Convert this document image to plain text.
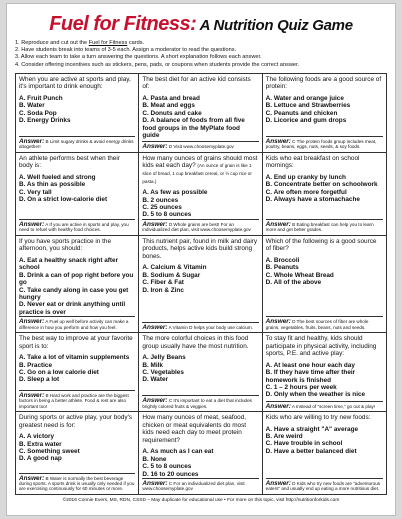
Fuel for Fitness: A Nutrition Quiz Game
1. Reproduce and cut out the Fuel for Fitness cards.
2. Have students break into teams of 3-5 each. Assign a moderator to read the questions.
3. Allow each team to take a turn answering the questions. A short explanation follows each answer.
4. Consider offering incentives such as stickers, pens, pads, or coupons when students provide the correct answer.
When you are active at sports and play, it's important to drink enough:
A. Fruit Punch
B. Water
C. Soda Pop
D. Energy Drinks
Answer: B Limit sugary drinks & avoid energy drinks altogether!
The best diet for an active kid consists of:
A. Pasta and bread
B. Meat and eggs
C. Donuts and cake
D. A balance of foods from all five food groups in the MyPlate food guide
Answer: D Visit www.choosemyplate.gov
The following foods are a good source of protein:
A. Water and orange juice
B. Lettuce and Strawberries
C. Peanuts and chicken
D. Licorice and gum drops
Answer: C The protein foods group includes meat, poultry, beans, eggs, nuts, seeds, & soy foods.
An athlete performs best when their body is:
A. Well fueled and strong
B. As thin as possible
C. Very tall
D. On a strict low-calorie diet
Answer: A If you are active in sports and play, you need to refuel with healthy food choices.
How many ounces of grains should most kids eat each day? (An ounce of grain is like 1 slice of bread, 1 cup breakfast cereal, or ½ cup rice or pasta.)
A. As few as possible
B. 2 ounces
C. 25 ounces
D. 5 to 8 ounces
Answer: D Whole grains are best! For an individualized diet plan, visit www.choosemyplate.gov
Kids who eat breakfast on school mornings:
A. End up cranky by lunch
B. Concentrate better on schoolwork
C. Are often more forgetful
D. Always have a stomachache
Answer: B Eating breakfast can help you to learn more and get better grades.
If you have sports practice in the afternoon, you should:
A. Eat a healthy snack right after school
B. Drink a can of pop right before you go
C. Take candy along in case you get hungry
D. Never eat or drink anything until practice is over
Answer: A Fuel up well before activity can make a difference in how you perform and how you feel.
This nutrient pair, found in milk and dairy products, helps active kids build strong bones.
A. Calcium & Vitamin
B. Sodium & Sugar
C. Fiber & Fat
D. Iron & Zinc
Answer: A Vitamin D helps your body use calcium.
Which of the following is a good source of fiber?
A. Broccoli
B. Peanuts
C. Whole Wheat Bread
D. All of the above
Answer: D The best sources of fiber are whole grains, vegetables, fruits, beans, nuts and seeds.
The best way to improve at your favorite sport is to:
A. Take a lot of vitamin supplements
B. Practice
C. Go on a low calorie diet
D. Sleep a lot
Answer: B Hard work and practice are the biggest factors in being a better athlete. Food & rest are also important too!
The more colorful choices in this food group usually have the most nutrition.
A. Jelly Beans
B. Milk
C. Vegetables
D. Water
Answer: C It's important to eat a diet that includes brightly colored fruits & veggies.
To stay fit and healthy, kids should participate in physical activity, including sports, P.E. and active play:
A. At least one hour each day
B. If they have time after their homework is finished
C. 1 – 2 hours per week
D. Only when the weather is nice
Answer: A Instead of "screen time," go out & play!
During sports or active play, your body's greatest need is for:
A. A victory
B. Extra water
C. Something sweet
D. A good nap
Answer: B Water is normally the best beverage during sports. A sports drink is usually only needed if you are exercising continuously for 60 minutes or more.
How many ounces of meat, seafood, chicken or meat equivalents do most kids need each day to meet protein requirement?
A. As much as I can eat
B. None
C. 5 to 8 ounces
D. 16 to 20 ounces
Answer: C For an individualized diet plan, visit www.choosemyplate.gov
Kids who are willing to try new foods:
A. Have a straight "A" average
B. Are weird
C. Have trouble in school
D. Have a better balanced diet
Answer: D Kids who try new foods are "adventurous eaters" and usually end up eating a more nutritious diet.
©2016 Connie Evers, MS, RDN, CSSD – May duplicate for educational use • For more on this topic, visit http://nutritionforkids.com
